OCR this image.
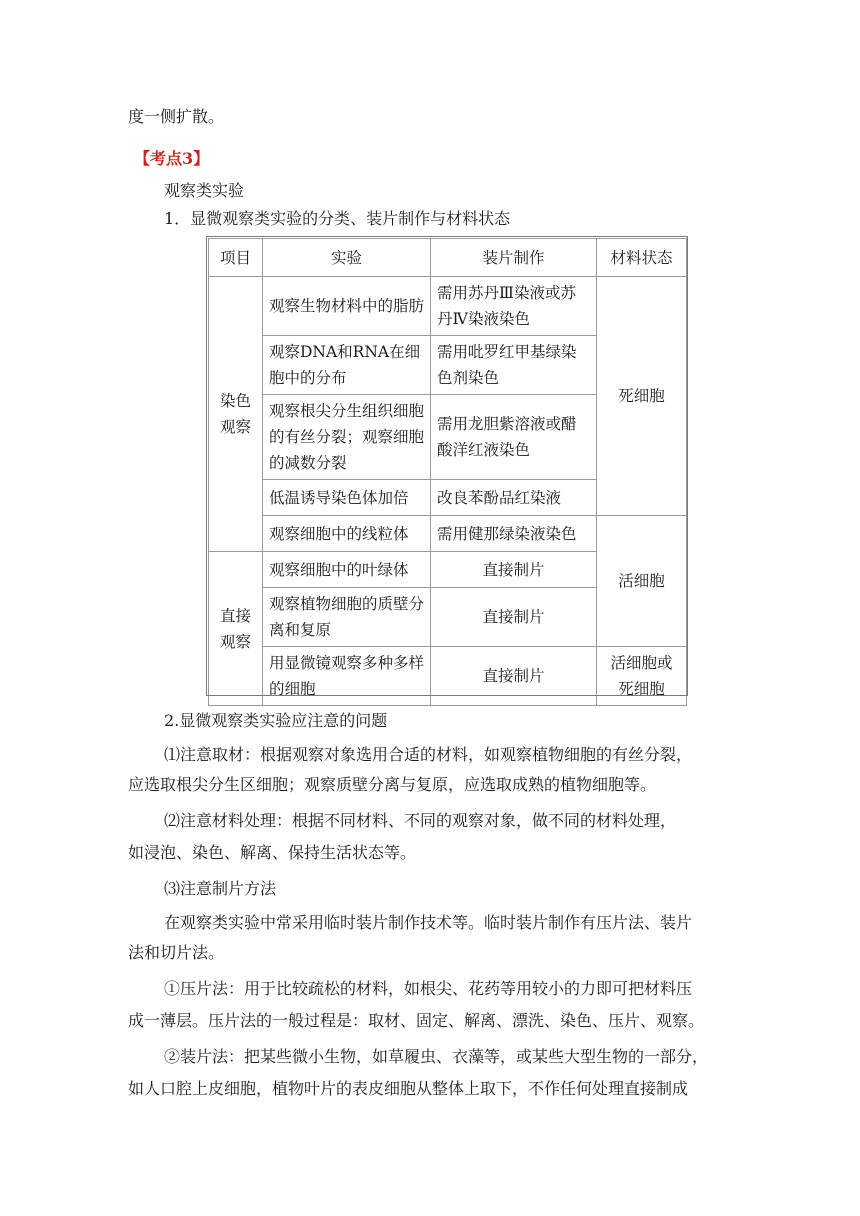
度一侧扩散。
【考点3】
观察类实验
1．显微观察类实验的分类、装片制作与材料状态
项目	实验	装片制作	材料状态
染色观察	观察生物材料中的脂肪	需用苏丹Ⅲ染液或苏丹Ⅳ染液染色	死细胞
	观察DNA和RNA在细胞中的分布	需用吡罗红甲基绿染色剂染色	
	观察根尖分生组织细胞的有丝分裂；观察细胞的减数分裂	需用龙胆紫溶液或醋酸洋红液染色	
	低温诱导染色体加倍	改良苯酚品红染液	
	观察细胞中的线粒体	需用健那绿染液染色	活细胞
直接观察	观察细胞中的叶绿体	直接制片	
	观察植物细胞的质壁分离和复原	直接制片	
	用显微镜观察多种多样的细胞	直接制片	活细胞或死细胞
2.显微观察类实验应注意的问题
⑴注意取材：根据观察对象选用合适的材料，如观察植物细胞的有丝分裂，
应选取根尖分生区细胞；观察质壁分离与复原，应选取成熟的植物细胞等。
⑵注意材料处理：根据不同材料、不同的观察对象，做不同的材料处理，
如浸泡、染色、解离、保持生活状态等。
⑶注意制片方法
在观察类实验中常采用临时装片制作技术等。临时装片制作有压片法、装片
法和切片法。
①压片法：用于比较疏松的材料，如根尖、花药等用较小的力即可把材料压
成一薄层。压片法的一般过程是：取材、固定、解离、漂洗、染色、压片、观察。
②装片法：把某些微小生物，如草履虫、衣藻等，或某些大型生物的一部分，
如人口腔上皮细胞，植物叶片的表皮细胞从整体上取下，不作任何处理直接制成
